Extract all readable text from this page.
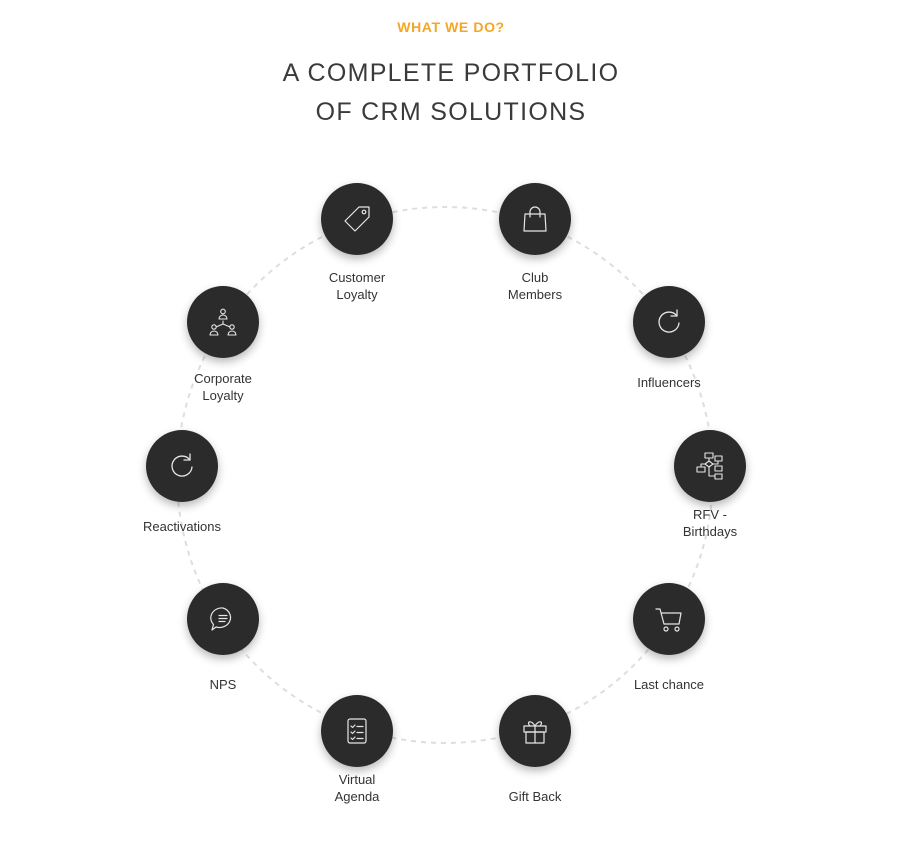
WHAT WE DO?
A COMPLETE PORTFOLIO
OF CRM SOLUTIONS
Customer
Loyalty
Club
Members
Influencers
RFV -
Birthdays
Last chance
Gift Back
Virtual
Agenda
NPS
Reactivations
Corporate
Loyalty
